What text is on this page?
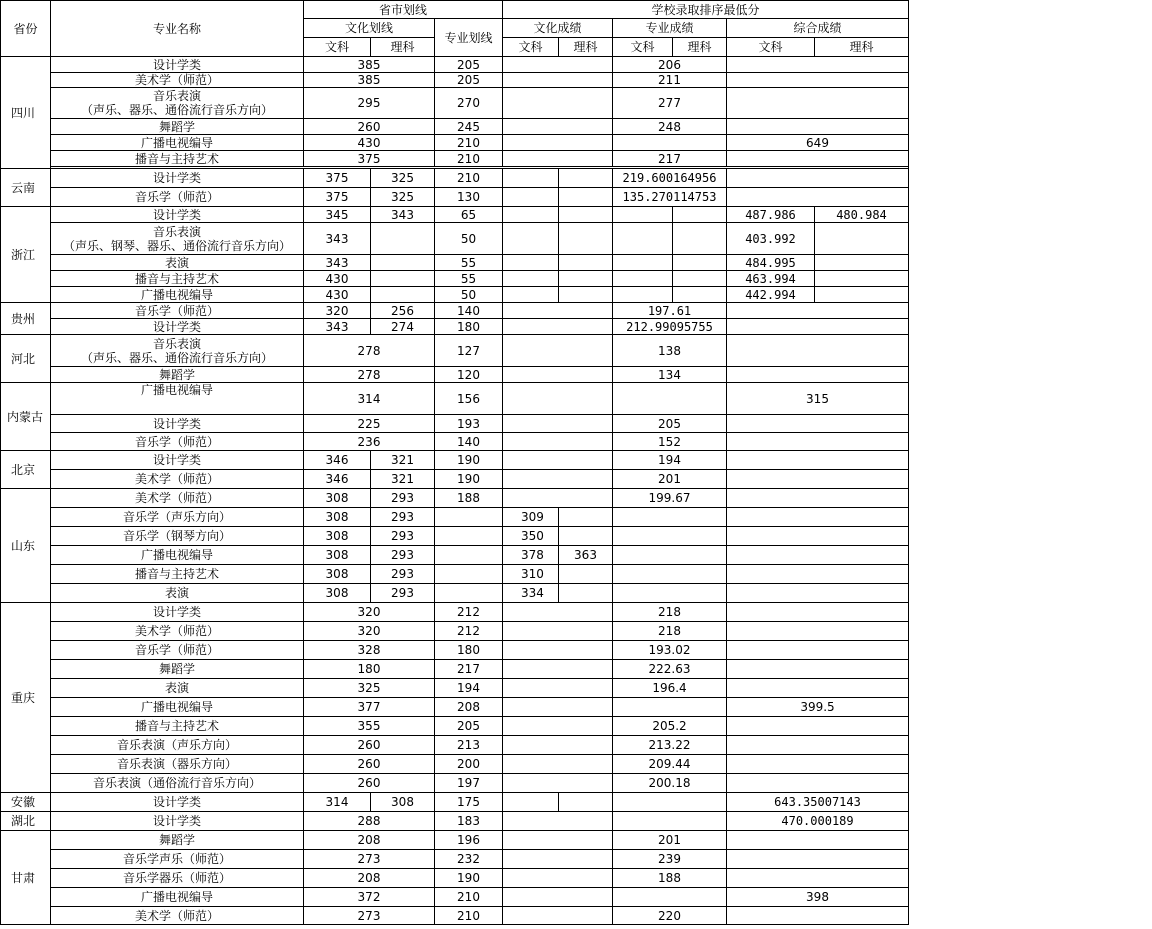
省份	专业名称	省市划线			学校录取排序最低分					
		文化划线		专业划线	文化成绩		专业成绩		综合成绩	
		文科	理科		文科	理科	文科	理科	文科	理科
四川	设计学类	385		205			206			
	美术学（师范）	385		205			211			
	音乐表演
（声乐、器乐、通俗流行音乐方向）	295		270			277			
	舞蹈学	260		245			248			
	广播电视编导	430		210					649	
	播音与主持艺术	375		210			217			

云南	设计学类	375	325	210			219.600164956			
	音乐学（师范）	375	325	130			135.270114753			
浙江	设计学类	345	343	65					487.986	480.984
	音乐表演
（声乐、钢琴、器乐、通俗流行音乐方向）	343		50					403.992	
	表演	343		55					484.995	
	播音与主持艺术	430		55					463.994	
	广播电视编导	430		50					442.994	
贵州	音乐学（师范）	320	256	140			197.61			
	设计学类	343	274	180			212.99095755			
河北	音乐表演
（声乐、器乐、通俗流行音乐方向）	278		127			138			
	舞蹈学	278		120			134			
内蒙古	广播电视编导	314		156					315	
	设计学类	225		193			205			
	音乐学（师范）	236		140			152			
北京	设计学类	346	321	190			194			
	美术学（师范）	346	321	190			201			
山东	美术学（师范）	308	293	188			199.67			
	音乐学（声乐方向）	308	293		309					
	音乐学（钢琴方向）	308	293		350					
	广播电视编导	308	293		378	363				
	播音与主持艺术	308	293		310					
	表演	308	293		334					
重庆	设计学类	320		212			218			
	美术学（师范）	320		212			218			
	音乐学（师范）	328		180			193.02			
	舞蹈学	180		217			222.63			
	表演	325		194			196.4			
	广播电视编导	377		208					399.5	
	播音与主持艺术	355		205			205.2			
	音乐表演（声乐方向）	260		213			213.22			
	音乐表演（器乐方向）	260		200			209.44			
	音乐表演（通俗流行音乐方向）	260		197			200.18			
安徽	设计学类	314	308	175					643.35007143	
湖北	设计学类	288		183					470.000189	
甘肃	舞蹈学	208		196			201			
	音乐学声乐（师范）	273		232			239			
	音乐学器乐（师范）	208		190			188			
	广播电视编导	372		210					398	
	美术学（师范）	273		210			220			
